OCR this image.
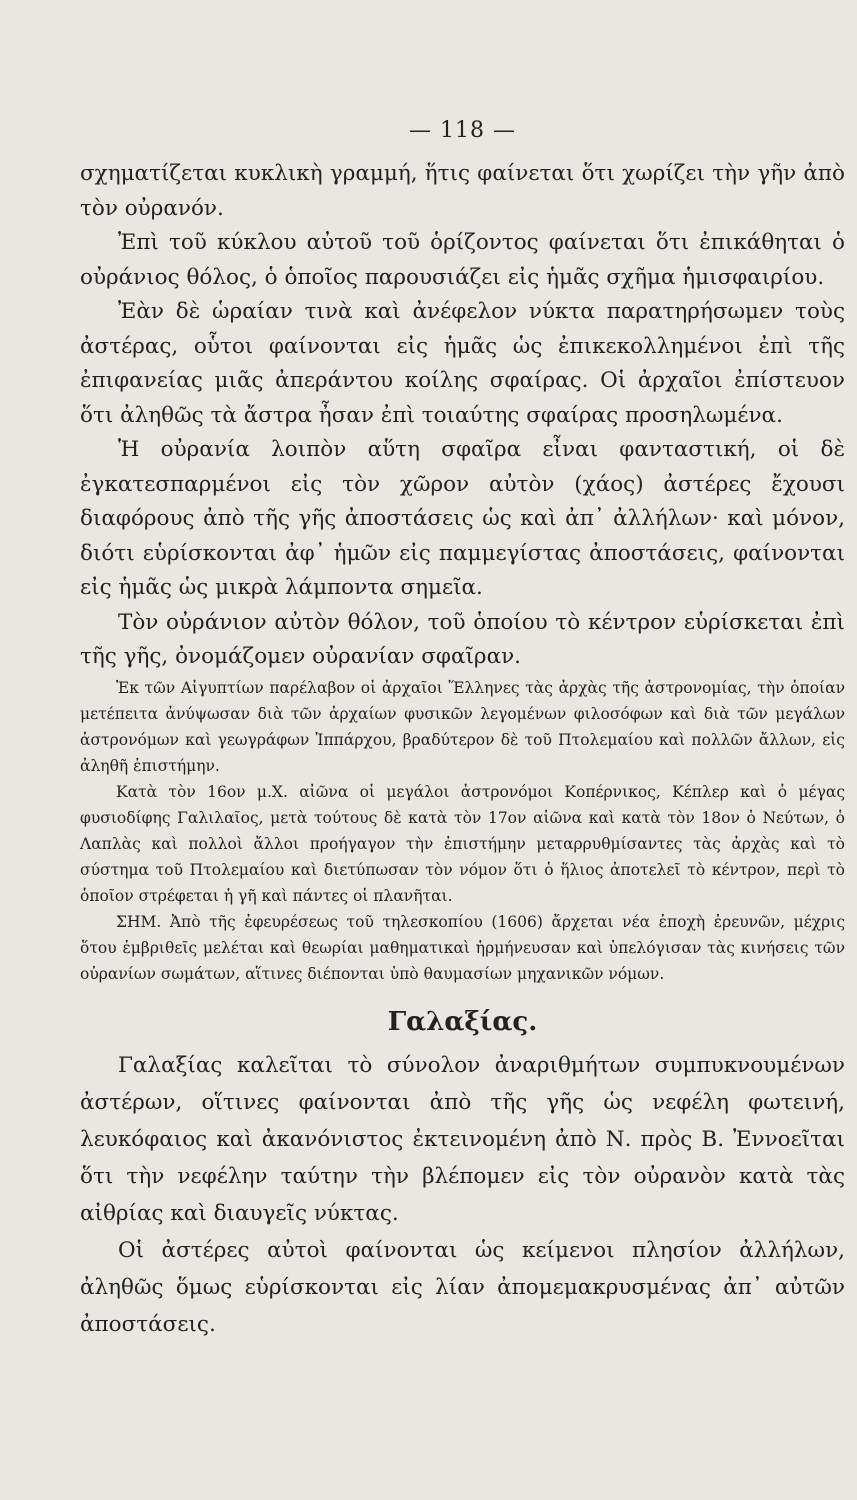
— 118 —

σχηματίζεται κυκλικὴ γραμμή, ἥτις φαίνεται ὅτι χωρίζει τὴν γῆν ἀπὸ τὸν οὐρανόν.

Ἐπὶ τοῦ κύκλου αὐτοῦ τοῦ ὁρίζοντος φαίνεται ὅτι ἐπικάθηται ὁ οὐράνιος θόλος, ὁ ὁποῖος παρουσιάζει εἰς ἡμᾶς σχῆμα ἡμισφαιρίου.

Ἐὰν δὲ ὡραίαν τινὰ καὶ ἀνέφελον νύκτα παρατηρήσωμεν τοὺς ἀστέρας, οὗτοι φαίνονται εἰς ἡμᾶς ὡς ἐπικεκολλημένοι ἐπὶ τῆς ἐπιφανείας μιᾶς ἀπεράντου κοίλης σφαίρας. Οἱ ἀρχαῖοι ἐπίστευον ὅτι ἀληθῶς τὰ ἄστρα ἦσαν ἐπὶ τοιαύτης σφαίρας προσηλωμένα.

Ἡ οὐρανία λοιπὸν αὕτη σφαῖρα εἶναι φανταστική, οἱ δὲ ἐγκατεσπαρμένοι εἰς τὸν χῶρον αὐτὸν (χάος) ἀστέρες ἔχουσι διαφόρους ἀπὸ τῆς γῆς ἀποστάσεις ὡς καὶ ἀπ᾽ ἀλλήλων· καὶ μόνον, διότι εὑρίσκονται ἀφ᾽ ἡμῶν εἰς παμμεγίστας ἀποστάσεις, φαίνονται εἰς ἡμᾶς ὡς μικρὰ λάμποντα σημεῖα.

Τὸν οὐράνιον αὐτὸν θόλον, τοῦ ὁποίου τὸ κέντρον εὑρίσκεται ἐπὶ τῆς γῆς, ὀνομάζομεν οὐρανίαν σφαῖραν.

Ἐκ τῶν Αἰγυπτίων παρέλαβον οἱ ἀρχαῖοι Ἕλληνες τὰς ἀρχὰς τῆς ἀστρονομίας, τὴν ὁποίαν μετέπειτα ἀνύψωσαν διὰ τῶν ἀρχαίων φυσικῶν λεγομένων φιλοσόφων καὶ διὰ τῶν μεγάλων ἀστρονόμων καὶ γεωγράφων Ἱππάρχου, βραδύτερον δὲ τοῦ Πτολεμαίου καὶ πολλῶν ἄλλων, εἰς ἀληθῆ ἐπιστήμην.

Κατὰ τὸν 16ον μ.Χ. αἰῶνα οἱ μεγάλοι ἀστρονόμοι Κοπέρνικος, Κέπλερ καὶ ὁ μέγας φυσιοδίφης Γαλιλαῖος, μετὰ τούτους δὲ κατὰ τὸν 17ον αἰῶνα καὶ κατὰ τὸν 18ον ὁ Νεύτων, ὁ Λαπλὰς καὶ πολλοὶ ἄλλοι προήγαγον τὴν ἐπιστήμην μεταρρυθμίσαντες τὰς ἀρχὰς καὶ τὸ σύστημα τοῦ Πτολεμαίου καὶ διετύπωσαν τὸν νόμον ὅτι ὁ ἥλιος ἀποτελεῖ τὸ κέντρον, περὶ τὸ ὁποῖον στρέφεται ἡ γῆ καὶ πάντες οἱ πλανῆται.

ΣΗΜ. Ἀπὸ τῆς ἐφευρέσεως τοῦ τηλεσκοπίου (1606) ἄρχεται νέα ἐποχὴ ἐρευνῶν, μέχρις ὅτου ἐμβριθεῖς μελέται καὶ θεωρίαι μαθηματικαὶ ἡρμήνευσαν καὶ ὑπελόγισαν τὰς κινήσεις τῶν οὐρανίων σωμάτων, αἵτινες διέπονται ὑπὸ θαυμασίων μηχανικῶν νόμων.

Γαλαξίας.

Γαλαξίας καλεῖται τὸ σύνολον ἀναριθμήτων συμπυκνουμένων ἀστέρων, οἵτινες φαίνονται ἀπὸ τῆς γῆς ὡς νεφέλη φωτεινή, λευκόφαιος καὶ ἀκανόνιστος ἐκτεινομένη ἀπὸ Ν. πρὸς Β. Ἐννοεῖται ὅτι τὴν νεφέλην ταύτην τὴν βλέπομεν εἰς τὸν οὐρανὸν κατὰ τὰς αἰθρίας καὶ διαυγεῖς νύκτας.

Οἱ ἀστέρες αὐτοὶ φαίνονται ὡς κείμενοι πλησίον ἀλλήλων, ἀληθῶς ὅμως εὑρίσκονται εἰς λίαν ἀπομεμακρυσμένας ἀπ᾽ αὐτῶν ἀποστάσεις.
